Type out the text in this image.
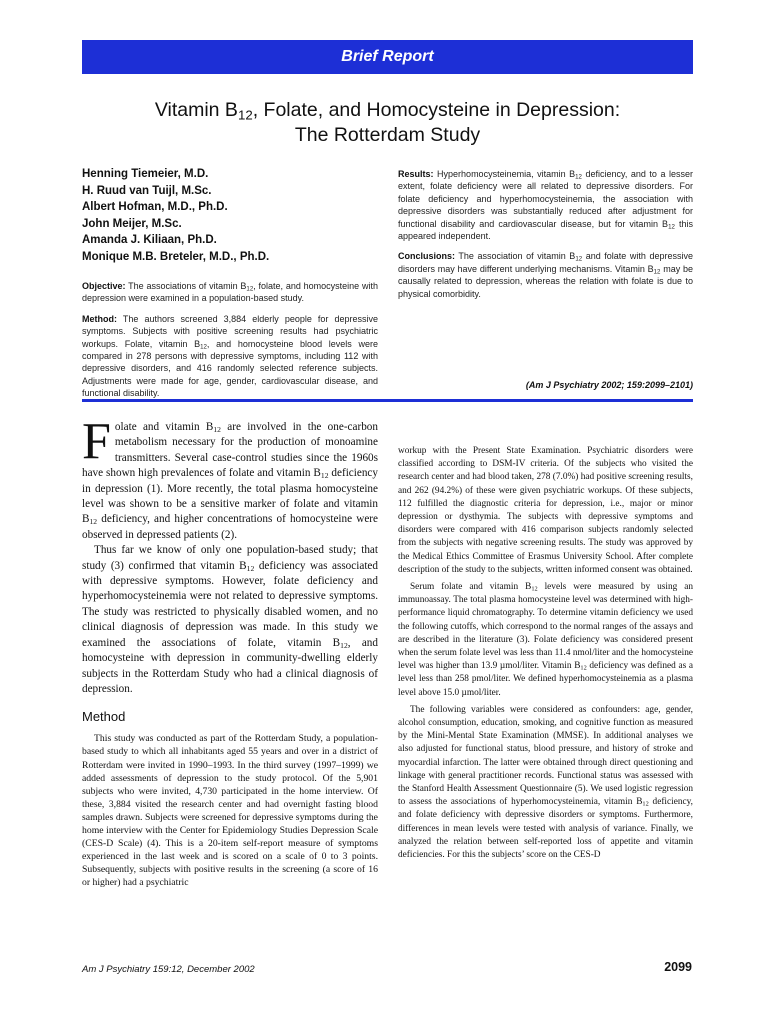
Brief Report
Vitamin $B_{12}$, Folate, and Homocysteine in Depression:
The Rotterdam Study
Henning Tiemeier, M.D.
H. Ruud van Tuijl, M.Sc.
Albert Hofman, M.D., Ph.D.
John Meijer, M.Sc.
Amanda J. Kiliaan, Ph.D.
Monique M.B. Breteler, M.D., Ph.D.

Objective: The associations of vitamin $B_{12}$, folate, and homocysteine with depression were examined in a population-based study.

Method: The authors screened 3,884 elderly people for depressive symptoms. Subjects with positive screening results had psychiatric workups. Folate, vitamin $B_{12}$, and homocysteine blood levels were compared in 278 persons with depressive symptoms, including 112 with depressive disorders, and 416 randomly selected reference subjects. Adjustments were made for age, gender, cardiovascular disease, and functional disability.

Results: Hyperhomocysteinemia, vitamin $B_{12}$ deficiency, and to a lesser extent, folate deficiency were all related to depressive disorders. For folate deficiency and hyperhomocysteinemia, the association with depressive disorders was substantially reduced after adjustment for functional disability and cardiovascular disease, but for vitamin $B_{12}$ this appeared independent.

Conclusions: The association of vitamin $B_{12}$ and folate with depressive disorders may have different underlying mechanisms. Vitamin $B_{12}$ may be causally related to depression, whereas the relation with folate is due to physical comorbidity.

(Am J Psychiatry 2002; 159:2099–2101)

Folate and vitamin $B_{12}$ are involved in the one-carbon metabolism necessary for the production of monoamine transmitters. Several case-control studies since the 1960s have shown high prevalences of folate and vitamin $B_{12}$ deficiency in depression (1). More recently, the total plasma homocysteine level was shown to be a sensitive marker of folate and vitamin $B_{12}$ deficiency, and higher concentrations of homocysteine were observed in depressed patients (2).

Thus far we know of only one population-based study; that study (3) confirmed that vitamin $B_{12}$ deficiency was associated with depressive symptoms. However, folate deficiency and hyperhomocysteinemia were not related to depressive symptoms. The study was restricted to physically disabled women, and no clinical diagnosis of depression was made. In this study we examined the associations of folate, vitamin $B_{12}$, and homocysteine with depression in community-dwelling elderly subjects in the Rotterdam Study who had a clinical diagnosis of depression.

Method

This study was conducted as part of the Rotterdam Study, a population-based study to which all inhabitants aged 55 years and over in a district of Rotterdam were invited in 1990–1993. In the third survey (1997–1999) we added assessments of depression to the study protocol. Of the 5,901 subjects who were invited, 4,730 participated in the home interview. Of these, 3,884 visited the research center and had overnight fasting blood samples drawn. Subjects were screened for depressive symptoms during the home interview with the Center for Epidemiology Studies Depression Scale (CES-D Scale) (4). This is a 20-item self-report measure of symptoms experienced in the last week and is scored on a scale of 0 to 3 points. Subsequently, subjects with positive results in the screening (a score of 16 or higher) had a psychiatric

workup with the Present State Examination. Psychiatric disorders were classified according to DSM-IV criteria. Of the subjects who visited the research center and had blood taken, 278 (7.0%) had positive screening results, and 262 (94.2%) of these were given psychiatric workups. Of these subjects, 112 fulfilled the diagnostic criteria for depression, i.e., major or minor depression or dysthymia. The subjects with depressive symptoms and disorders were compared with 416 comparison subjects randomly selected from the subjects with negative screening results. The study was approved by the Medical Ethics Committee of Erasmus University School. After complete description of the study to the subjects, written informed consent was obtained.

Serum folate and vitamin $B_{12}$ levels were measured by using an immunoassay. The total plasma homocysteine level was determined with high-performance liquid chromatography. To determine vitamin deficiency we used the following cutoffs, which correspond to the normal ranges of the assays and are described in the literature (3). Folate deficiency was considered present when the serum folate level was less than 11.4 nmol/liter and the homocysteine level was higher than 13.9 µmol/liter. Vitamin $B_{12}$ deficiency was defined as a level less than 258 pmol/liter. We defined hyperhomocysteinemia as a plasma level above 15.0 µmol/liter.

The following variables were considered as confounders: age, gender, alcohol consumption, education, smoking, and cognitive function as measured by the Mini-Mental State Examination (MMSE). In additional analyses we also adjusted for functional status, blood pressure, and history of stroke and myocardial infarction. The latter were obtained through direct questioning and linkage with general practitioner records. Functional status was assessed with the Stanford Health Assessment Questionnaire (5). We used logistic regression to assess the associations of hyperhomocysteinemia, vitamin $B_{12}$ deficiency, and folate deficiency with depressive disorders or symptoms. Furthermore, differences in mean levels were tested with analysis of variance. Finally, we analyzed the relation between self-reported loss of appetite and vitamin deficiencies. For this the subjects’ score on the CES-D

Am J Psychiatry 159:12, December 2002	2099
